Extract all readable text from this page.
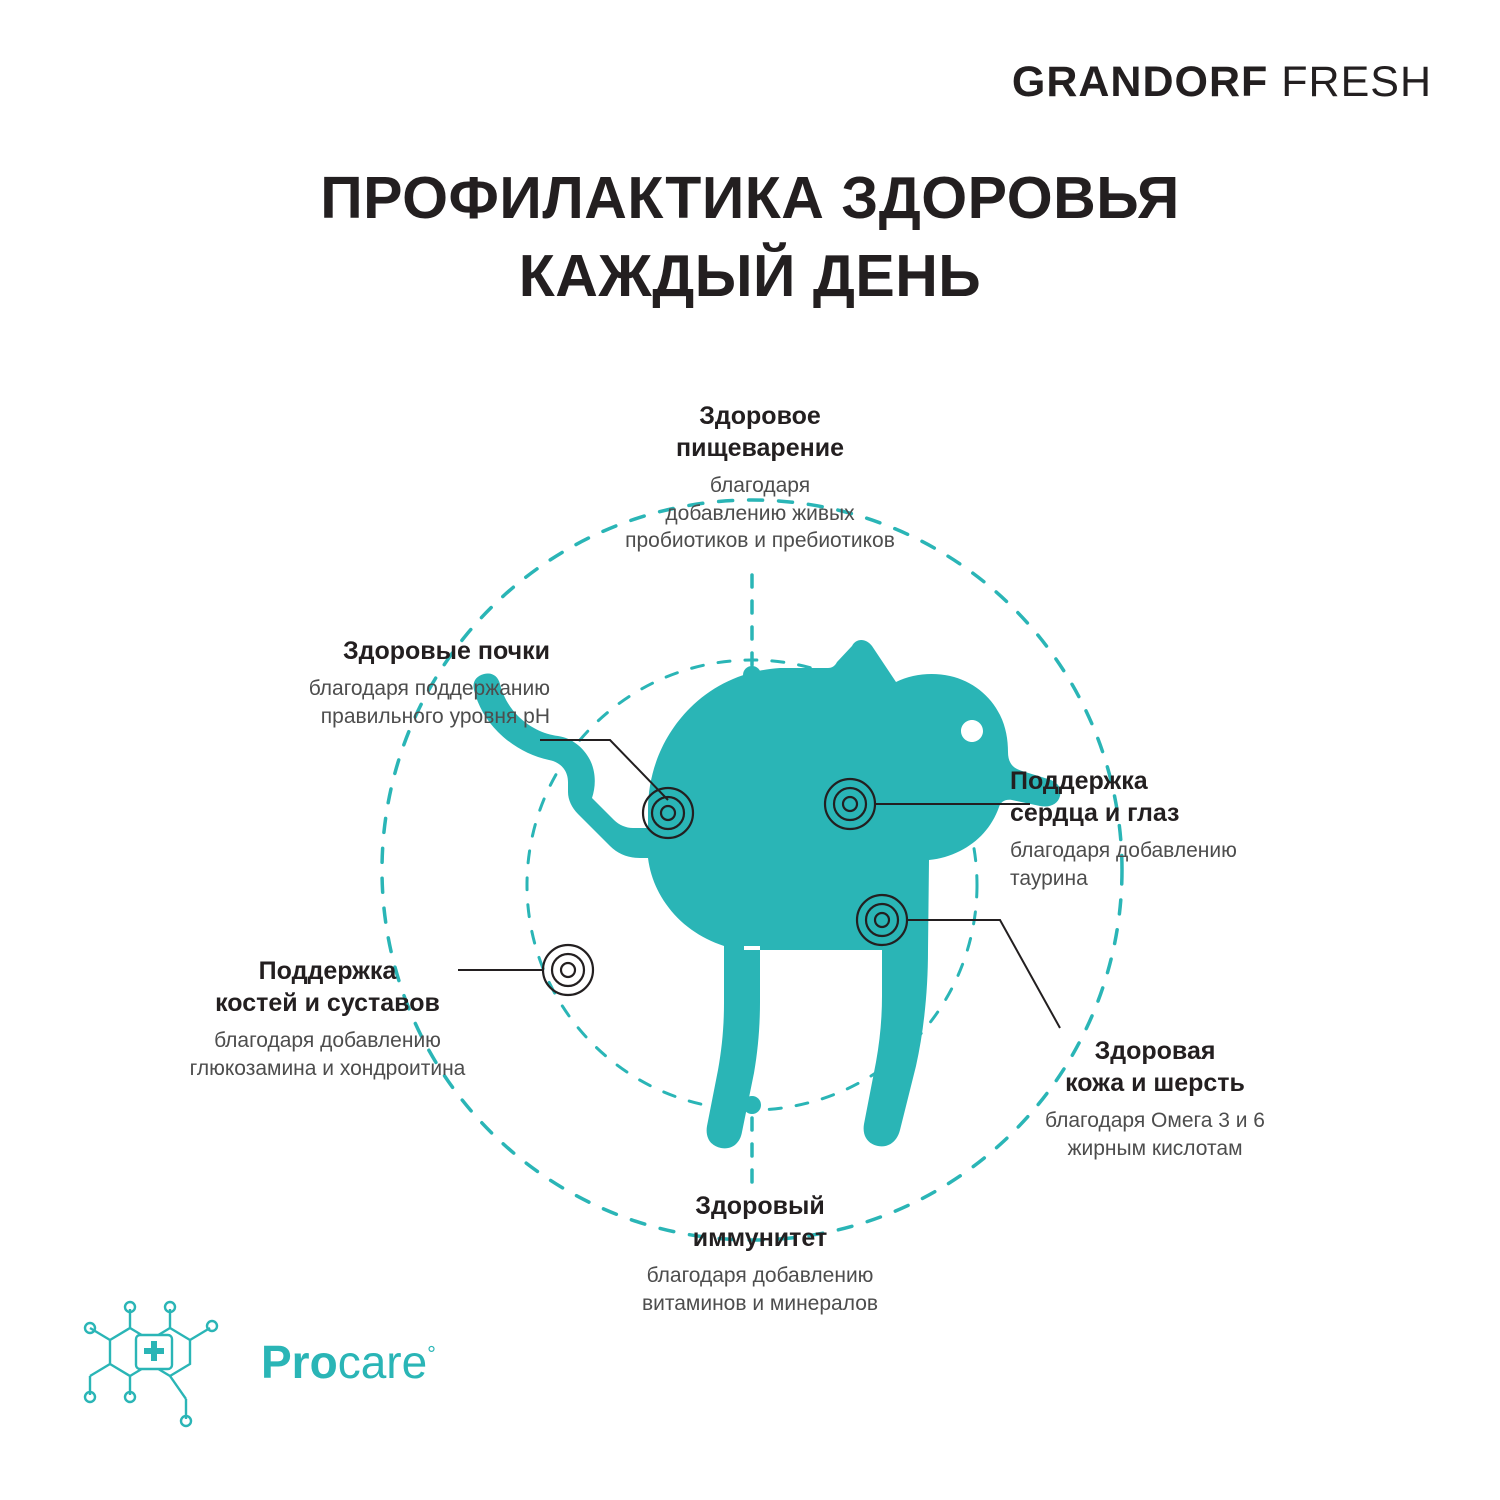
GRANDORF FRESH
ПРОФИЛАКТИКА ЗДОРОВЬЯ
КАЖДЫЙ ДЕНЬ
Здоровое
пищеварение
благодаря
добавлению живых
пробиотиков и пребиотиков
Здоровые почки
благодаря поддержанию
правильного уровня pH
Поддержка
сердца и глаз
благодаря добавлению
таурина
Поддержка
костей и суставов
благодаря добавлению
глюкозамина и хондроитина
Здоровая
кожа и шерсть
благодаря Омега 3 и 6
жирным кислотам
Здоровый
иммунитет
благодаря добавлению
витаминов и минералов
Procare°
